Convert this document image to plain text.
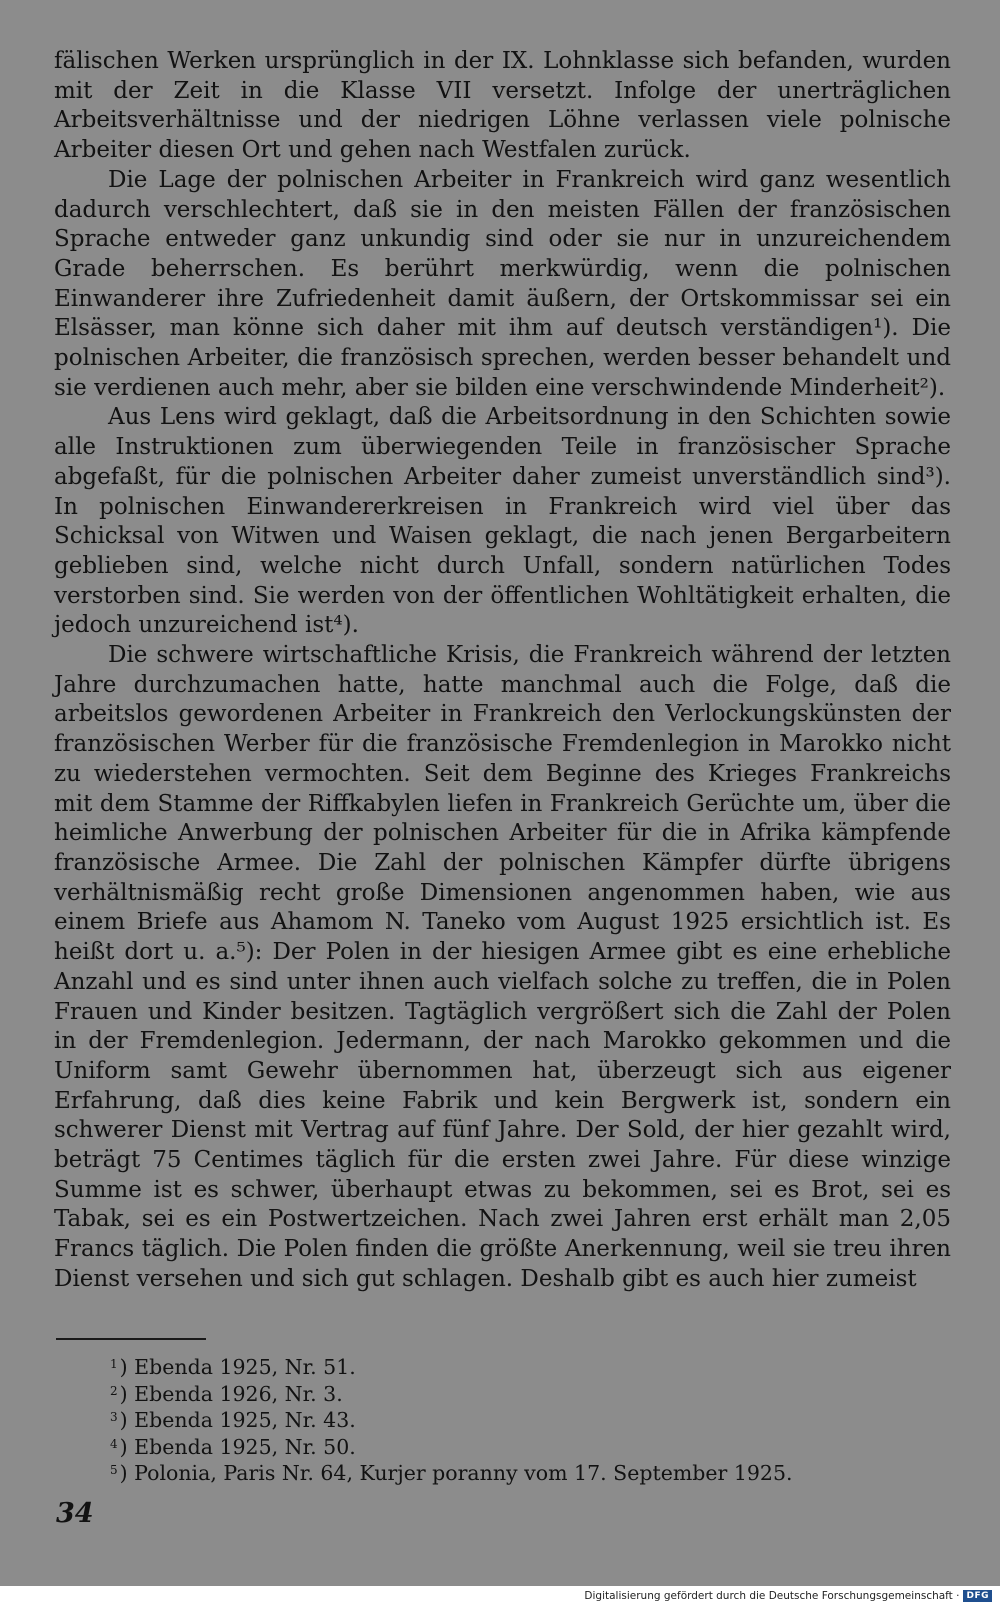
fälischen Werken ursprünglich in der IX. Lohnklasse sich befanden, wurden mit der Zeit in die Klasse VII versetzt. Infolge der unerträglichen Arbeitsverhältnisse und der niedrigen Löhne verlassen viele polnische Arbeiter diesen Ort und gehen nach Westfalen zurück.

Die Lage der polnischen Arbeiter in Frankreich wird ganz wesentlich dadurch verschlechtert, daß sie in den meisten Fällen der französischen Sprache entweder ganz unkundig sind oder sie nur in unzureichendem Grade beherrschen. Es berührt merkwürdig, wenn die polnischen Einwanderer ihre Zufriedenheit damit äußern, der Ortskommissar sei ein Elsässer, man könne sich daher mit ihm auf deutsch verständigen¹). Die polnischen Arbeiter, die französisch sprechen, werden besser behandelt und sie verdienen auch mehr, aber sie bilden eine verschwindende Minderheit²).

Aus Lens wird geklagt, daß die Arbeitsordnung in den Schichten sowie alle Instruktionen zum überwiegenden Teile in französischer Sprache abgefaßt, für die polnischen Arbeiter daher zumeist unverständlich sind³). In polnischen Einwandererkreisen in Frankreich wird viel über das Schicksal von Witwen und Waisen geklagt, die nach jenen Bergarbeitern geblieben sind, welche nicht durch Unfall, sondern natürlichen Todes verstorben sind. Sie werden von der öffentlichen Wohltätigkeit erhalten, die jedoch unzureichend ist⁴).

Die schwere wirtschaftliche Krisis, die Frankreich während der letzten Jahre durchzumachen hatte, hatte manchmal auch die Folge, daß die arbeitslos gewordenen Arbeiter in Frankreich den Verlockungskünsten der französischen Werber für die französische Fremdenlegion in Marokko nicht zu wiederstehen vermochten. Seit dem Beginne des Krieges Frankreichs mit dem Stamme der Riffkabylen liefen in Frankreich Gerüchte um, über die heimliche Anwerbung der polnischen Arbeiter für die in Afrika kämpfende französische Armee. Die Zahl der polnischen Kämpfer dürfte übrigens verhältnismäßig recht große Dimensionen angenommen haben, wie aus einem Briefe aus Ahamom N. Taneko vom August 1925 ersichtlich ist. Es heißt dort u. a.⁵): Der Polen in der hiesigen Armee gibt es eine erhebliche Anzahl und es sind unter ihnen auch vielfach solche zu treffen, die in Polen Frauen und Kinder besitzen. Tagtäglich vergrößert sich die Zahl der Polen in der Fremdenlegion. Jedermann, der nach Marokko gekommen und die Uniform samt Gewehr übernommen hat, überzeugt sich aus eigener Erfahrung, daß dies keine Fabrik und kein Bergwerk ist, sondern ein schwerer Dienst mit Vertrag auf fünf Jahre. Der Sold, der hier gezahlt wird, beträgt 75 Centimes täglich für die ersten zwei Jahre. Für diese winzige Summe ist es schwer, überhaupt etwas zu bekommen, sei es Brot, sei es Tabak, sei es ein Postwertzeichen. Nach zwei Jahren erst erhält man 2,05 Francs täglich. Die Polen finden die größte Anerkennung, weil sie treu ihren Dienst versehen und sich gut schlagen. Deshalb gibt es auch hier zumeist

$^1$) Ebenda 1925, Nr. 51.
$^2$) Ebenda 1926, Nr. 3.
$^3$) Ebenda 1925, Nr. 43.
$^4$) Ebenda 1925, Nr. 50.
$^5$) Polonia, Paris Nr. 64, Kurjer poranny vom 17. September 1925.
34
Digitalisierung gefördert durch die Deutsche Forschungsgemeinschaft · DFG
